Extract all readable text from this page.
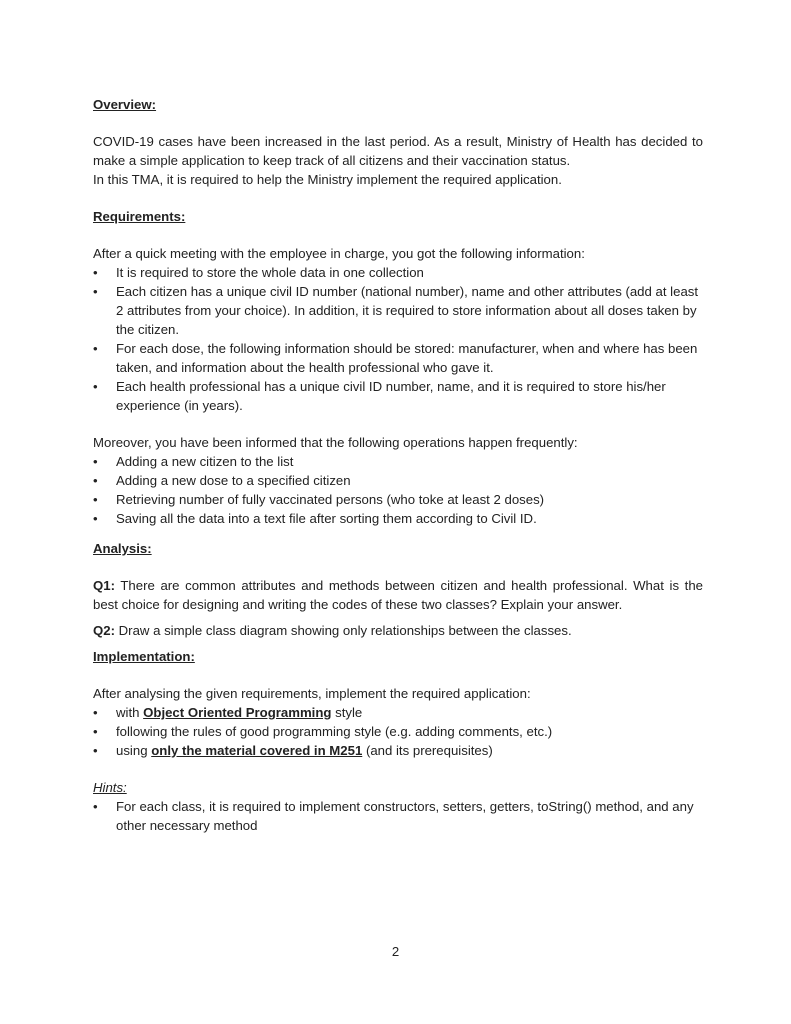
Overview:

COVID-19 cases have been increased in the last period. As a result, Ministry of Health has decided to make a simple application to keep track of all citizens and their vaccination status.

In this TMA, it is required to help the Ministry implement the required application.

Requirements:

After a quick meeting with the employee in charge, you got the following information:

• It is required to store the whole data in one collection
• Each citizen has a unique civil ID number (national number), name and other attributes (add at least 2 attributes from your choice). In addition, it is required to store information about all doses taken by the citizen.
• For each dose, the following information should be stored: manufacturer, when and where has been taken, and information about the health professional who gave it.
• Each health professional has a unique civil ID number, name, and it is required to store his/her experience (in years).

Moreover, you have been informed that the following operations happen frequently:

• Adding a new citizen to the list
• Adding a new dose to a specified citizen
• Retrieving number of fully vaccinated persons (who toke at least 2 doses)
• Saving all the data into a text file after sorting them according to Civil ID.
Analysis:

Q1: There are common attributes and methods between citizen and health professional. What is the best choice for designing and writing the codes of these two classes? Explain your answer.

Q2: Draw a simple class diagram showing only relationships between the classes.

Implementation:

After analysing the given requirements, implement the required application:

• with Object Oriented Programming style
• following the rules of good programming style (e.g. adding comments, etc.)
• using only the material covered in M251 (and its prerequisites)
Hints:
• For each class, it is required to implement constructors, setters, getters, toString() method, and any other necessary method
2
